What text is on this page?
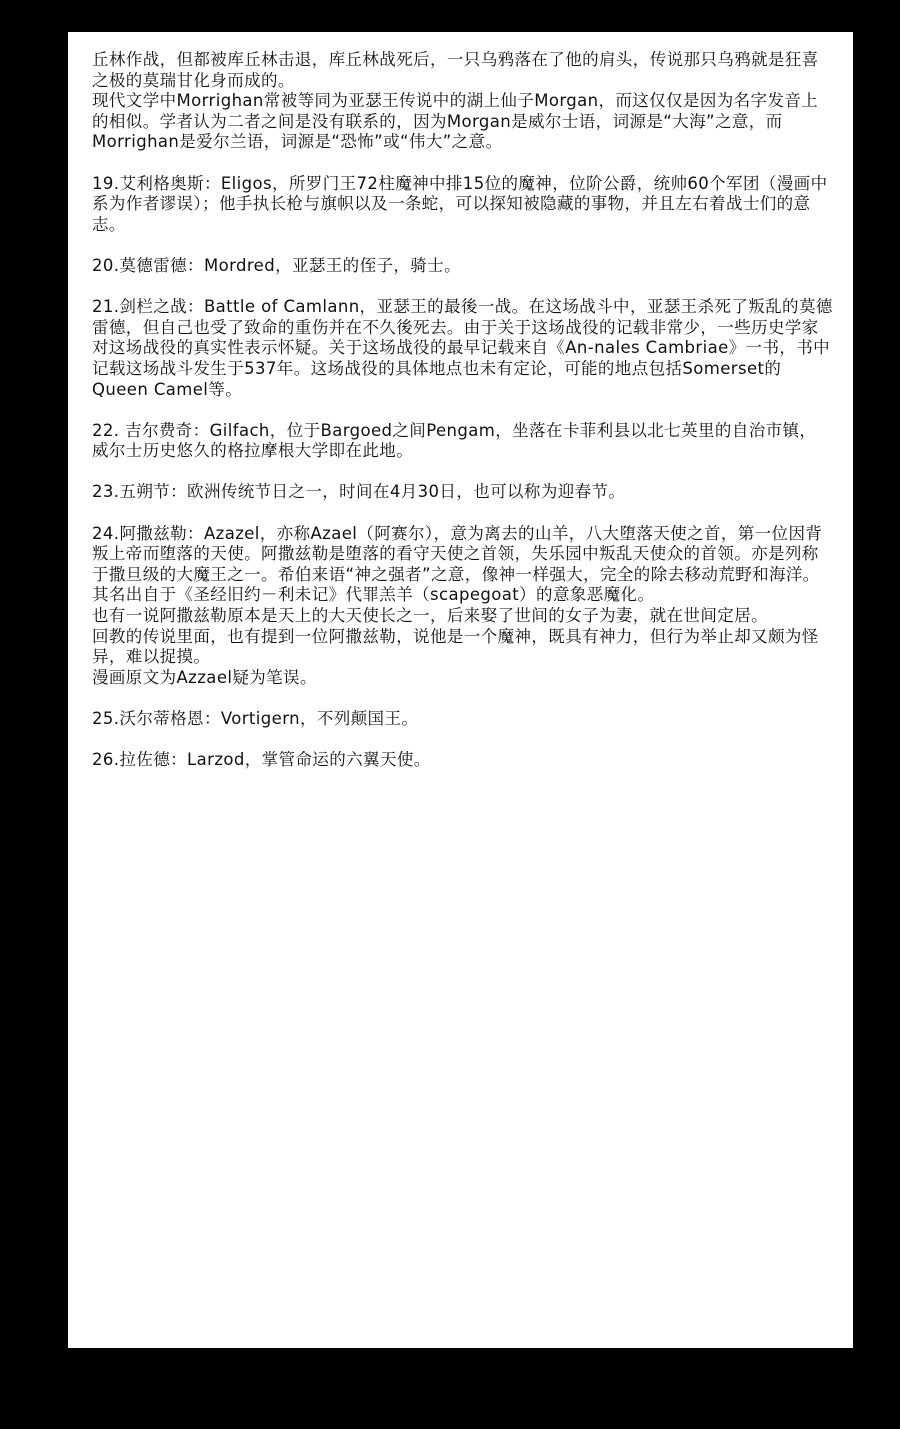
丘林作战，但都被库丘林击退，库丘林战死后，一只乌鸦落在了他的肩头，传说那只乌鸦就是狂喜之极的莫瑞甘化身而成的。

现代文学中Morrighan常被等同为亚瑟王传说中的湖上仙子Morgan，而这仅仅是因为名字发音上的相似。学者认为二者之间是没有联系的，因为Morgan是威尔士语，词源是“大海”之意，而Morrighan是爱尔兰语，词源是“恐怖”或“伟大”之意。

19.艾利格奥斯：Eligos，所罗门王72柱魔神中排15位的魔神，位阶公爵，统帅60个军团（漫画中系为作者谬误）；他手执长枪与旗帜以及一条蛇，可以探知被隐藏的事物，并且左右着战士们的意志。

20.莫德雷德：Mordred，亚瑟王的侄子，骑士。

21.剑栏之战：Battle of Camlann，亚瑟王的最後一战。在这场战斗中，亚瑟王杀死了叛乱的莫德雷德，但自己也受了致命的重伤并在不久後死去。由于关于这场战役的记载非常少，一些历史学家对这场战役的真实性表示怀疑。关于这场战役的最早记载来自《An-nales Cambriae》一书，书中记载这场战斗发生于537年。这场战役的具体地点也未有定论，可能的地点包括Somerset的Queen Camel等。

22. 吉尔费奇：Gilfach，位于Bargoed之间Pengam，坐落在卡菲利县以北七英里的自治市镇，威尔士历史悠久的格拉摩根大学即在此地。

23.五朔节：欧洲传统节日之一，时间在4月30日，也可以称为迎春节。

24.阿撒兹勒：Azazel，亦称Azael（阿赛尔），意为离去的山羊，八大堕落天使之首，第一位因背叛上帝而堕落的天使。阿撒兹勒是堕落的看守天使之首领，失乐园中叛乱天使众的首领。亦是列称于撒旦级的大魔王之一。希伯来语“神之强者”之意，像神一样强大，完全的除去移动荒野和海洋。其名出自于《圣经旧约－利未记》代罪羔羊（scapegoat）的意象恶魔化。

也有一说阿撒兹勒原本是天上的大天使长之一，后来娶了世间的女子为妻，就在世间定居。

回教的传说里面，也有提到一位阿撒兹勒，说他是一个魔神，既具有神力，但行为举止却又颇为怪异，难以捉摸。

漫画原文为Azzael疑为笔误。

25.沃尔蒂格恩：Vortigern，不列颠国王。

26.拉佐德：Larzod，掌管命运的六翼天使。
